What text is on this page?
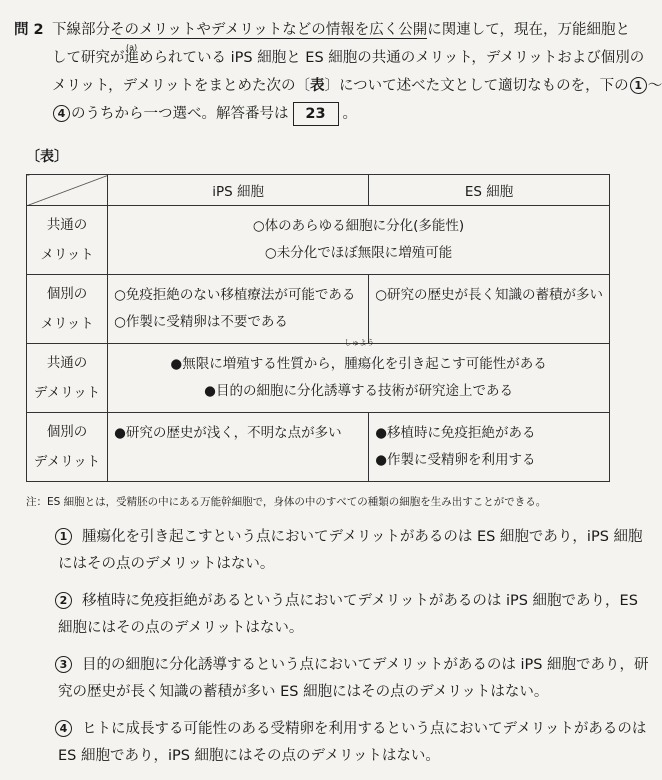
問 2 下線部分そのメリットやデメリットなどの情報を広く公開に関連して，現在，万能細胞と
(a)
して研究が進められている iPS 細胞と ES 細胞の共通のメリット，デメリットおよび個別の
メリット，デメリットをまとめた次の〔表〕について述べた文として適切なものを，下の 1 ～
4 のうちから一つ選べ。解答番号は 23 。
〔表〕
	iPS 細胞	ES 細胞

共通の
メリット	○体のあらゆる細胞に分化(多能性)
○未分化でほぼ無限に増殖可能	

個別の
メリット	○免疫拒絶のない移植療法が可能である
○作製に受精卵は不要である	○研究の歴史が長く知識の蓄積が多い

共通の
デメリット	●無限に増殖する性質から，
しゅよう
腫瘍化を引き起こす可能性がある
●目的の細胞に分化誘導する技術が研究途上である	

個別の
デメリット	●研究の歴史が浅く，不明な点が多い	●移植時に免疫拒絶がある
●作製に受精卵を利用する
注：ES 細胞とは，受精胚の中にある万能幹細胞で，身体の中のすべての種類の細胞を生み出すことができる。
1 腫瘍化を引き起こすという点においてデメリットがあるのは ES 細胞であり，iPS 細胞
にはその点のデメリットはない。
2 移植時に免疫拒絶があるという点においてデメリットがあるのは iPS 細胞であり，ES
細胞にはその点のデメリットはない。
3 目的の細胞に分化誘導するという点においてデメリットがあるのは iPS 細胞であり，研
究の歴史が長く知識の蓄積が多い ES 細胞にはその点のデメリットはない。
4 ヒトに成長する可能性のある受精卵を利用するという点においてデメリットがあるのは
ES 細胞であり，iPS 細胞にはその点のデメリットはない。
